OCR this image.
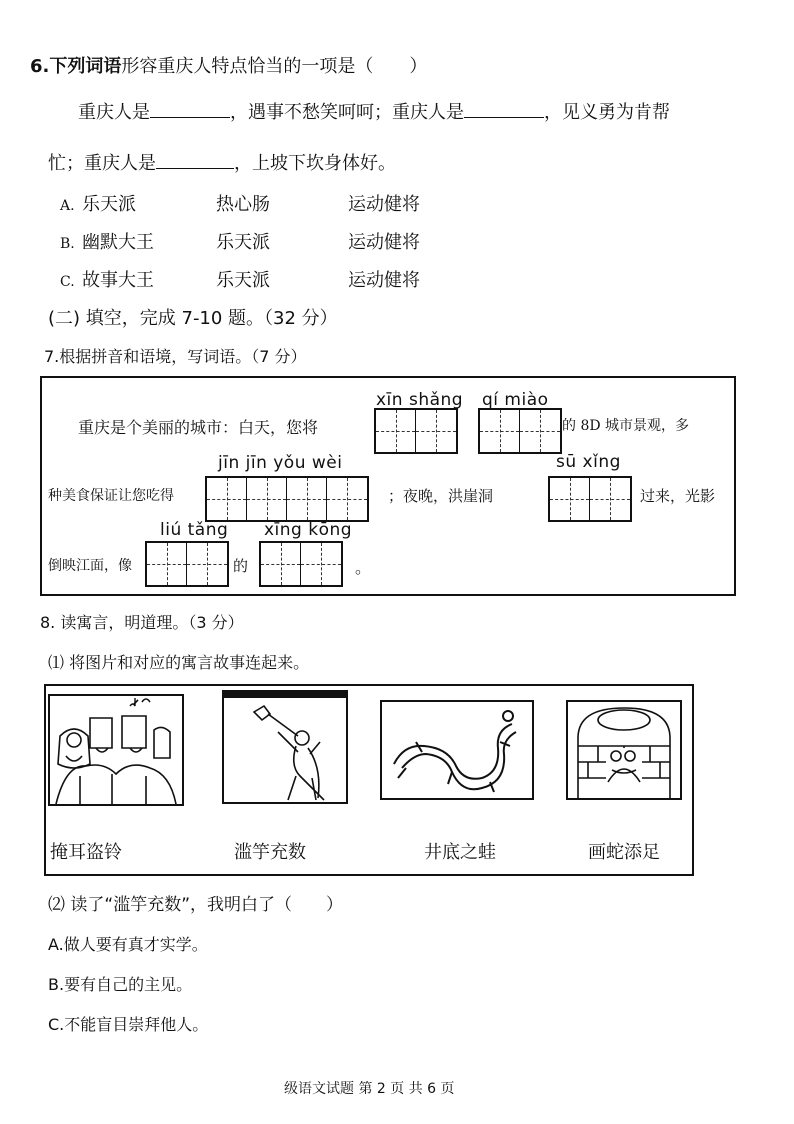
6.下列词语形容重庆人特点恰当的一项是（　　）
重庆人是	，遇事不愁笑呵呵；重庆人是	，见义勇为肯帮
忙；重庆人是	，上坡下坎身体好。
A. 乐天派	热心肠	运动健将
B. 幽默大王	乐天派	运动健将
C. 故事大王	乐天派	运动健将
(二) 填空，完成 7-10 题。（32 分）
7.根据拼音和语境，写词语。（7 分）
xīn shǎng qí miào
重庆是个美丽的城市：白天，您将	的 8D 城市景观，多
jīn jīn yǒu wèi	sū xǐng
种美食保证让您吃得	；夜晚，洪崖洞	过来，光影
liú tǎng xīng kōng
倒映江面，像	的	。
8. 读寓言，明道理。（3 分）
⑴ 将图片和对应的寓言故事连起来。
掩耳盗铃	滥竽充数	井底之蛙	画蛇添足
⑵ 读了“滥竽充数”，我明白了（　　）
A.做人要有真才实学。
B.要有自己的主见。
C.不能盲目崇拜他人。
级语文试题 第 2 页 共 6 页
